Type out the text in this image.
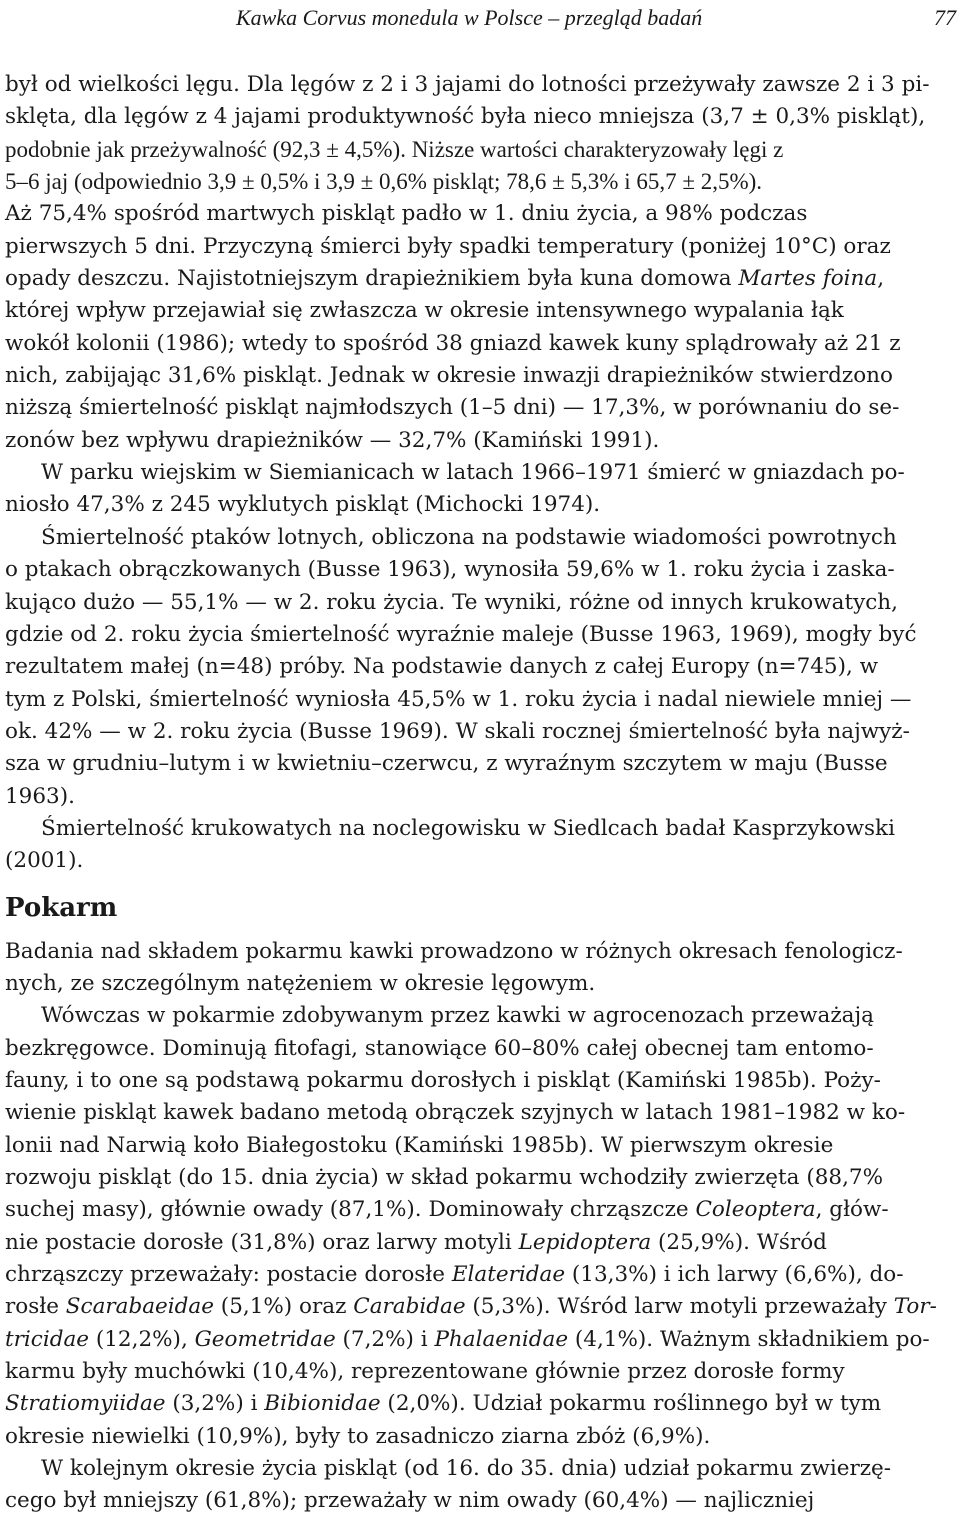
Kawka Corvus monedula w Polsce – przegląd badań	77

był od wielkości lęgu. Dla lęgów z 2 i 3 jajami do lotności przeżywały zawsze 2 i 3 pi-
sklęta, dla lęgów z 4 jajami produktywność była nieco mniejsza (3,7 ± 0,3% piskląt),
podobnie jak przeżywalność (92,3 ± 4,5%). Niższe wartości charakteryzowały lęgi z
5–6 jaj (odpowiednio 3,9 ± 0,5% i 3,9 ± 0,6% piskląt; 78,6 ± 5,3% i 65,7 ± 2,5%).
Aż 75,4% spośród martwych piskląt padło w 1. dniu życia, a 98% podczas
pierwszych 5 dni. Przyczyną śmierci były spadki temperatury (poniżej 10°C) oraz
opady deszczu. Najistotniejszym drapieżnikiem była kuna domowa Martes foina,
której wpływ przejawiał się zwłaszcza w okresie intensywnego wypalania łąk
wokół kolonii (1986); wtedy to spośród 38 gniazd kawek kuny splądrowały aż 21 z
nich, zabijając 31,6% piskląt. Jednak w okresie inwazji drapieżników stwierdzono
niższą śmiertelność piskląt najmłodszych (1–5 dni) — 17,3%, w porównaniu do se-
zonów bez wpływu drapieżników — 32,7% (Kamiński 1991).

W parku wiejskim w Siemianicach w latach 1966–1971 śmierć w gniazdach po-
niosło 47,3% z 245 wyklutych piskląt (Michocki 1974).

Śmiertelność ptaków lotnych, obliczona na podstawie wiadomości powrotnych
o ptakach obrączkowanych (Busse 1963), wynosiła 59,6% w 1. roku życia i zaska-
kująco dużo — 55,1% — w 2. roku życia. Te wyniki, różne od innych krukowatych,
gdzie od 2. roku życia śmiertelność wyraźnie maleje (Busse 1963, 1969), mogły być
rezultatem małej (n=48) próby. Na podstawie danych z całej Europy (n=745), w
tym z Polski, śmiertelność wyniosła 45,5% w 1. roku życia i nadal niewiele mniej —
ok. 42% — w 2. roku życia (Busse 1969). W skali rocznej śmiertelność była najwyż-
sza w grudniu–lutym i w kwietniu–czerwcu, z wyraźnym szczytem w maju (Busse
1963).

Śmiertelność krukowatych na noclegowisku w Siedlcach badał Kasprzykowski
(2001).

Pokarm

Badania nad składem pokarmu kawki prowadzono w różnych okresach fenologicz-
nych, ze szczególnym natężeniem w okresie lęgowym.

Wówczas w pokarmie zdobywanym przez kawki w agrocenozach przeważają
bezkręgowce. Dominują fitofagi, stanowiące 60–80% całej obecnej tam entomo-
fauny, i to one są podstawą pokarmu dorosłych i piskląt (Kamiński 1985b). Poży-
wienie piskląt kawek badano metodą obrączek szyjnych w latach 1981–1982 w ko-
lonii nad Narwią koło Białegostoku (Kamiński 1985b). W pierwszym okresie
rozwoju piskląt (do 15. dnia życia) w skład pokarmu wchodziły zwierzęta (88,7%
suchej masy), głównie owady (87,1%). Dominowały chrząszcze Coleoptera, głów-
nie postacie dorosłe (31,8%) oraz larwy motyli Lepidoptera (25,9%). Wśród
chrząszczy przeważały: postacie dorosłe Elateridae (13,3%) i ich larwy (6,6%), do-
rosłe Scarabaeidae (5,1%) oraz Carabidae (5,3%). Wśród larw motyli przeważały Tor-
tricidae (12,2%), Geometridae (7,2%) i Phalaenidae (4,1%). Ważnym składnikiem po-
karmu były muchówki (10,4%), reprezentowane głównie przez dorosłe formy
Stratiomyiidae (3,2%) i Bibionidae (2,0%). Udział pokarmu roślinnego był w tym
okresie niewielki (10,9%), były to zasadniczo ziarna zbóż (6,9%).

W kolejnym okresie życia piskląt (od 16. do 35. dnia) udział pokarmu zwierzę-
cego był mniejszy (61,8%); przeważały w nim owady (60,4%) — najliczniej
